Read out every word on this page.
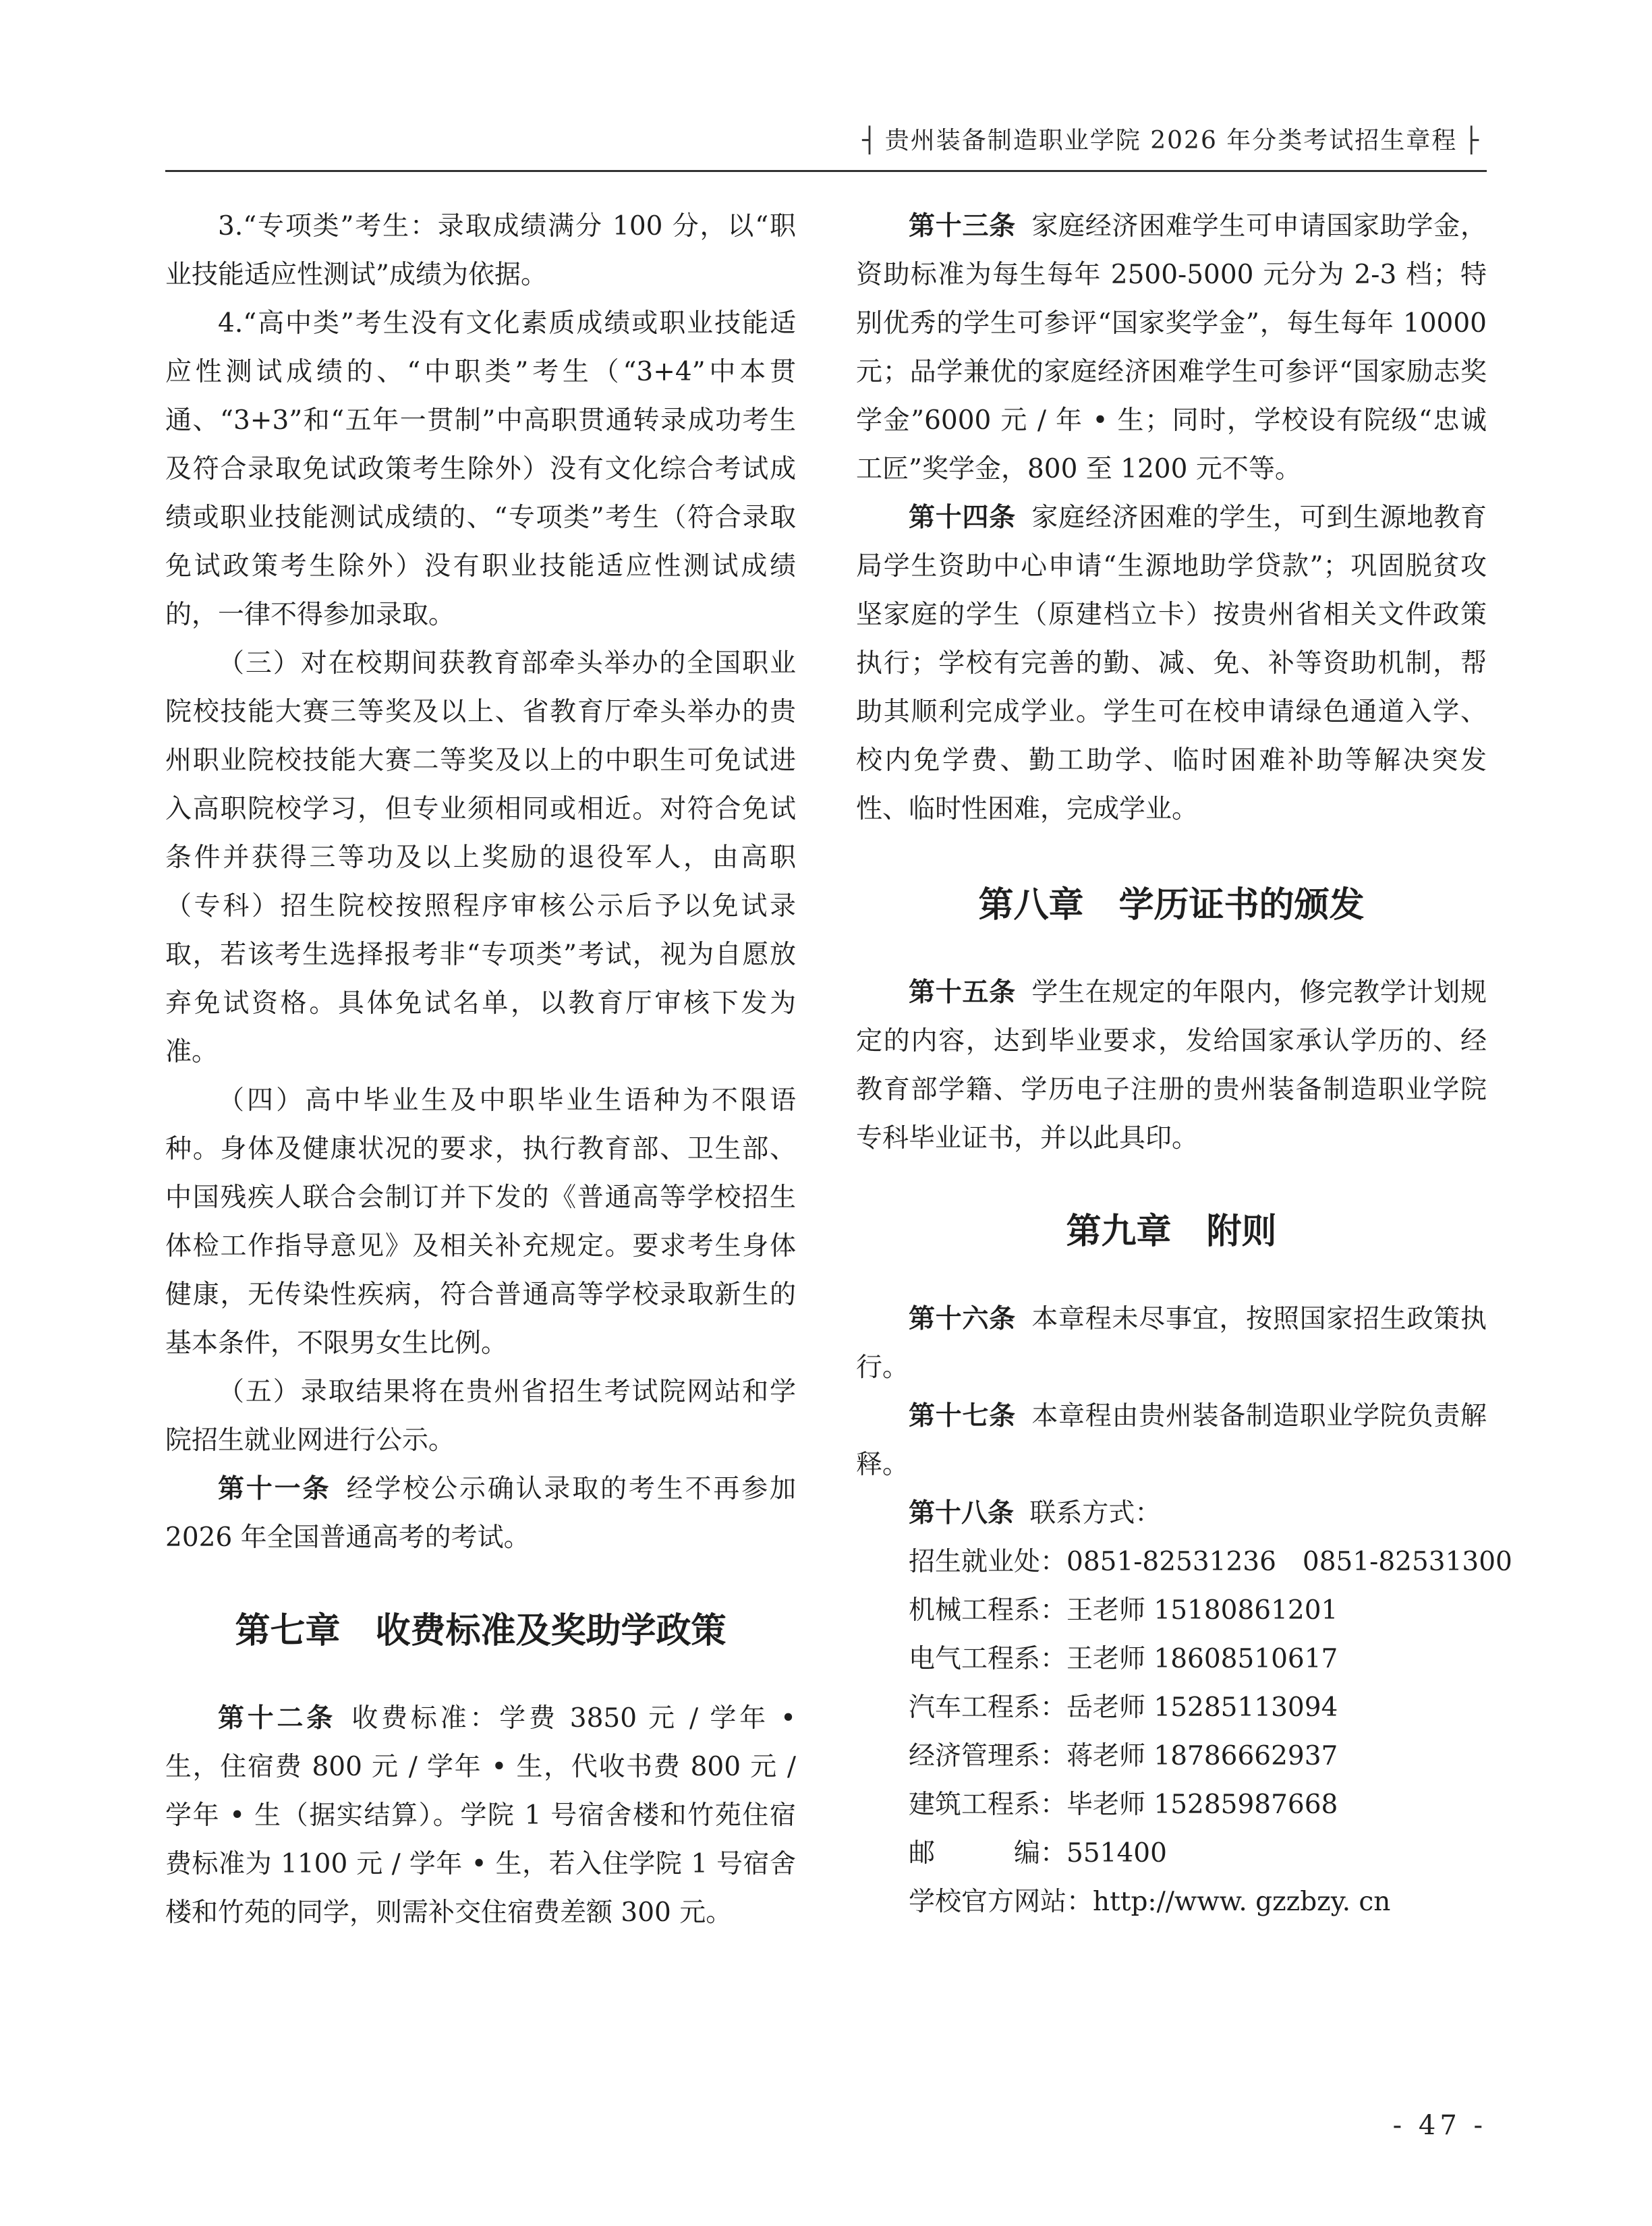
┤ 贵州装备制造职业学院 2026 年分类考试招生章程 ├

3.“专项类”考生：录取成绩满分 100 分，以“职业技能适应性测试”成绩为依据。

4.“高中类”考生没有文化素质成绩或职业技能适应性测试成绩的、“中职类”考生（“3+4”中本贯通、“3+3”和“五年一贯制”中高职贯通转录成功考生及符合录取免试政策考生除外）没有文化综合考试成绩或职业技能测试成绩的、“专项类”考生（符合录取免试政策考生除外）没有职业技能适应性测试成绩的，一律不得参加录取。

（三）对在校期间获教育部牵头举办的全国职业院校技能大赛三等奖及以上、省教育厅牵头举办的贵州职业院校技能大赛二等奖及以上的中职生可免试进入高职院校学习，但专业须相同或相近。对符合免试条件并获得三等功及以上奖励的退役军人，由高职（专科）招生院校按照程序审核公示后予以免试录取，若该考生选择报考非“专项类”考试，视为自愿放弃免试资格。具体免试名单，以教育厅审核下发为准。

（四）高中毕业生及中职毕业生语种为不限语种。身体及健康状况的要求，执行教育部、卫生部、中国残疾人联合会制订并下发的《普通高等学校招生体检工作指导意见》及相关补充规定。要求考生身体健康，无传染性疾病，符合普通高等学校录取新生的基本条件，不限男女生比例。

（五）录取结果将在贵州省招生考试院网站和学院招生就业网进行公示。

第十一条 经学校公示确认录取的考生不再参加 2026 年全国普通高考的考试。

第七章 收费标准及奖助学政策

第十二条 收费标准：学费 3850 元 / 学年 • 生，住宿费 800 元 / 学年 • 生，代收书费 800 元 / 学年 • 生（据实结算）。学院 1 号宿舍楼和竹苑住宿费标准为 1100 元 / 学年 • 生，若入住学院 1 号宿舍楼和竹苑的同学，则需补交住宿费差额 300 元。

第十三条 家庭经济困难学生可申请国家助学金，资助标准为每生每年 2500-5000 元分为 2-3 档；特别优秀的学生可参评“国家奖学金”，每生每年 10000 元；品学兼优的家庭经济困难学生可参评“国家励志奖学金”6000 元 / 年 • 生；同时，学校设有院级“忠诚工匠”奖学金，800 至 1200 元不等。

第十四条 家庭经济困难的学生，可到生源地教育局学生资助中心申请“生源地助学贷款”；巩固脱贫攻坚家庭的学生（原建档立卡）按贵州省相关文件政策执行；学校有完善的勤、减、免、补等资助机制，帮助其顺利完成学业。学生可在校申请绿色通道入学、校内免学费、勤工助学、临时困难补助等解决突发性、临时性困难，完成学业。

第八章 学历证书的颁发

第十五条 学生在规定的年限内，修完教学计划规定的内容，达到毕业要求，发给国家承认学历的、经教育部学籍、学历电子注册的贵州装备制造职业学院专科毕业证书，并以此具印。

第九章 附则

第十六条 本章程未尽事宜，按照国家招生政策执行。

第十七条 本章程由贵州装备制造职业学院负责解释。

第十八条 联系方式：

招生就业处：0851-82531236　0851-82531300

机械工程系：王老师 15180861201

电气工程系：王老师 18608510617

汽车工程系：岳老师 15285113094

经济管理系：蒋老师 18786662937

建筑工程系：毕老师 15285987668

邮　　　编：551400

学校官方网站：http://www. gzzbzy. cn

- 47 -
